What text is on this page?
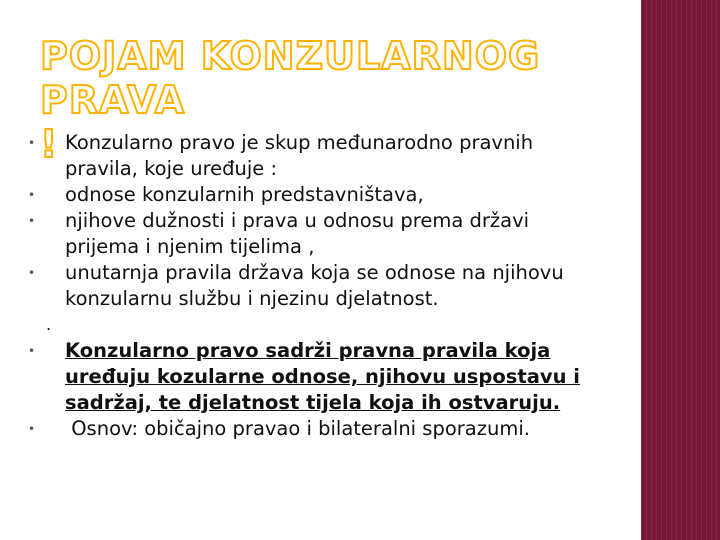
POJAM KONZULARNOG PRAVA
!
• Konzularno pravo je skup međunarodno pravnih pravila, koje uređuje :
• odnose konzularnih predstavništava,
• njihove dužnosti i prava u odnosu prema državi prijema i njenim tijelima ,
• unutarnja pravila država koja se odnose na njihovu konzularnu službu i njezinu djelatnost.
.
• Konzularno pravo sadrži pravna pravila koja uređuju kozularne odnose, njihovu uspostavu i sadržaj, te djelatnost tijela koja ih ostvaruju.
• Osnov: običajno pravao i bilateralni sporazumi.
